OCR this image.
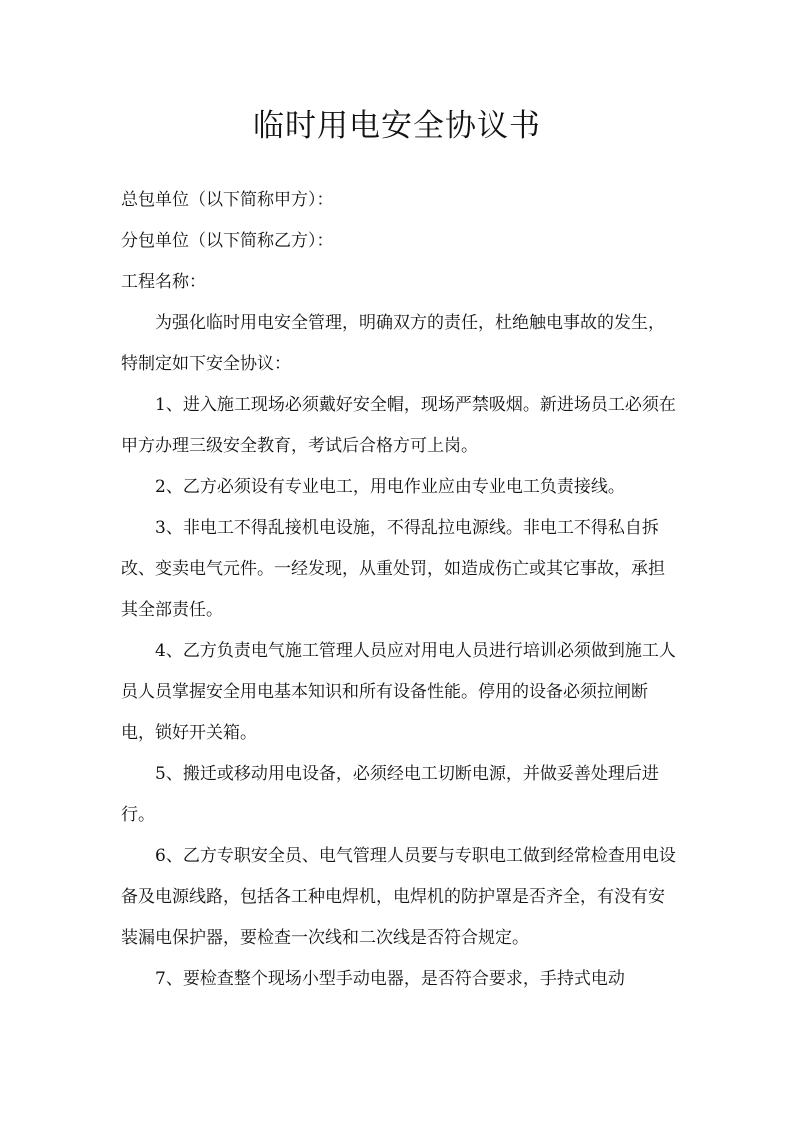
临时用电安全协议书

总包单位（以下简称甲方）：

分包单位（以下简称乙方）：

工程名称：

为强化临时用电安全管理，明确双方的责任，杜绝触电事故的发生，特制定如下安全协议：

1、进入施工现场必须戴好安全帽，现场严禁吸烟。新进场员工必须在甲方办理三级安全教育，考试后合格方可上岗。

2、乙方必须设有专业电工，用电作业应由专业电工负责接线。

3、非电工不得乱接机电设施，不得乱拉电源线。非电工不得私自拆改、变卖电气元件。一经发现，从重处罚，如造成伤亡或其它事故，承担其全部责任。

4、乙方负责电气施工管理人员应对用电人员进行培训必须做到施工人员人员掌握安全用电基本知识和所有设备性能。停用的设备必须拉闸断电，锁好开关箱。

5、搬迁或移动用电设备，必须经电工切断电源，并做妥善处理后进行。

6、乙方专职安全员、电气管理人员要与专职电工做到经常检查用电设备及电源线路，包括各工种电焊机，电焊机的防护罩是否齐全，有没有安装漏电保护器，要检查一次线和二次线是否符合规定。

7、要检查整个现场小型手动电器，是否符合要求，手持式电动
